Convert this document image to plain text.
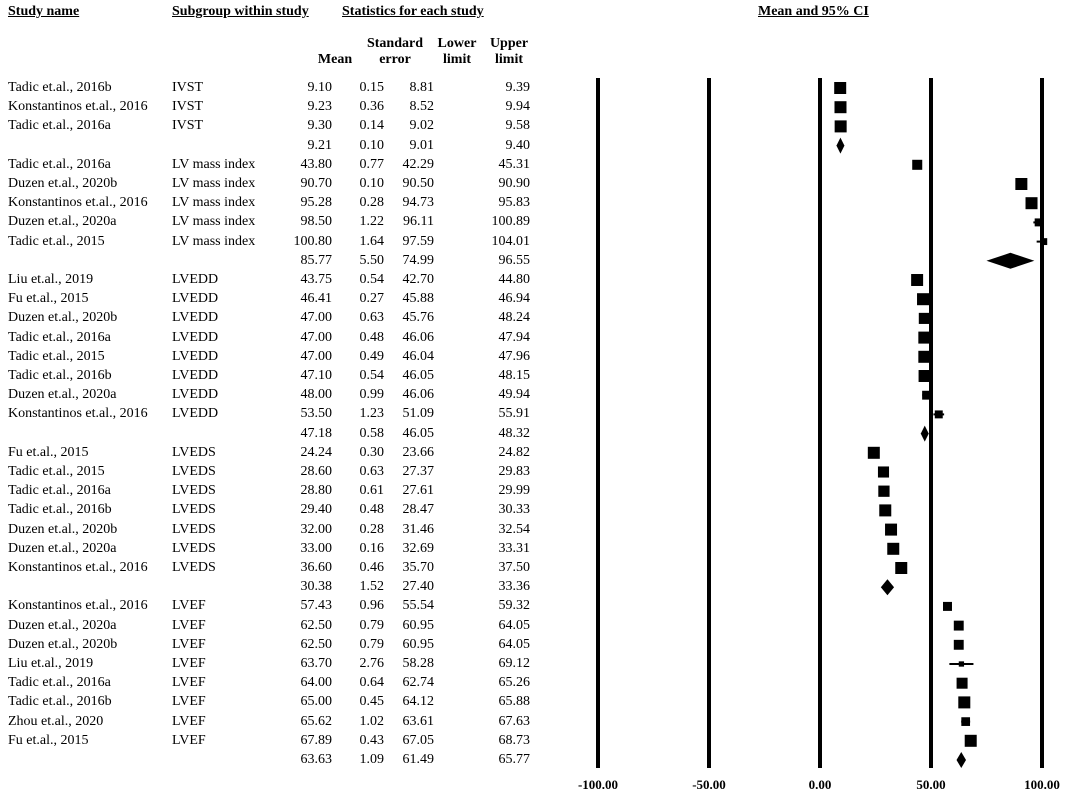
Study name	Subgroup within study Statistics for each study	Mean and 95% CI
Mean
Standard
error
Lower
limit
Upper
limit
Tadic et.al., 2016b	IVST	9.10 0.15 8.81	9.39
Konstantinos et.al., 2016 IVST	9.23 0.36 8.52	9.94
Tadic et.al., 2016a	IVST	9.30 0.14 9.02	9.58
9.21 0.10 9.01	9.40
Tadic et.al., 2016a	LV mass index	43.80 0.77 42.29	45.31
Duzen et.al., 2020b	LV mass index	90.70 0.10 90.50	90.90
Konstantinos et.al., 2016 LV mass index	95.28 0.28 94.73	95.83
Duzen et.al., 2020a	LV mass index	98.50 1.22 96.11	100.89
Tadic et.al., 2015	LV mass index	100.80 1.64 97.59	104.01
85.77 5.50 74.99	96.55
Liu et.al., 2019	LVEDD	43.75 0.54 42.70	44.80
Fu et.al., 2015	LVEDD	46.41 0.27 45.88	46.94
Duzen et.al., 2020b	LVEDD	47.00 0.63 45.76	48.24
Tadic et.al., 2016a	LVEDD	47.00 0.48 46.06	47.94
Tadic et.al., 2015	LVEDD	47.00 0.49 46.04	47.96
Tadic et.al., 2016b	LVEDD	47.10 0.54 46.05	48.15
Duzen et.al., 2020a	LVEDD	48.00 0.99 46.06	49.94
Konstantinos et.al., 2016 LVEDD	53.50 1.23 51.09	55.91
47.18 0.58 46.05	48.32
Fu et.al., 2015	LVEDS	24.24 0.30 23.66	24.82
Tadic et.al., 2015	LVEDS	28.60 0.63 27.37	29.83
Tadic et.al., 2016a	LVEDS	28.80 0.61 27.61	29.99
Tadic et.al., 2016b	LVEDS	29.40 0.48 28.47	30.33
Duzen et.al., 2020b	LVEDS	32.00 0.28 31.46	32.54
Duzen et.al., 2020a	LVEDS	33.00 0.16 32.69	33.31
Konstantinos et.al., 2016 LVEDS	36.60 0.46 35.70	37.50
30.38 1.52 27.40	33.36
Konstantinos et.al., 2016 LVEF	57.43 0.96 55.54	59.32
Duzen et.al., 2020a	LVEF	62.50 0.79 60.95	64.05
Duzen et.al., 2020b	LVEF	62.50 0.79 60.95	64.05
Liu et.al., 2019	LVEF	63.70 2.76 58.28	69.12
Tadic et.al., 2016a	LVEF	64.00 0.64 62.74	65.26
Tadic et.al., 2016b	LVEF	65.00 0.45 64.12	65.88
Zhou et.al., 2020	LVEF	65.62 1.02 63.61	67.63
Fu et.al., 2015	LVEF	67.89 0.43 67.05	68.73
63.63 1.09 61.49	65.77
-100.00	-50.00	0.00	50.00	100.00
